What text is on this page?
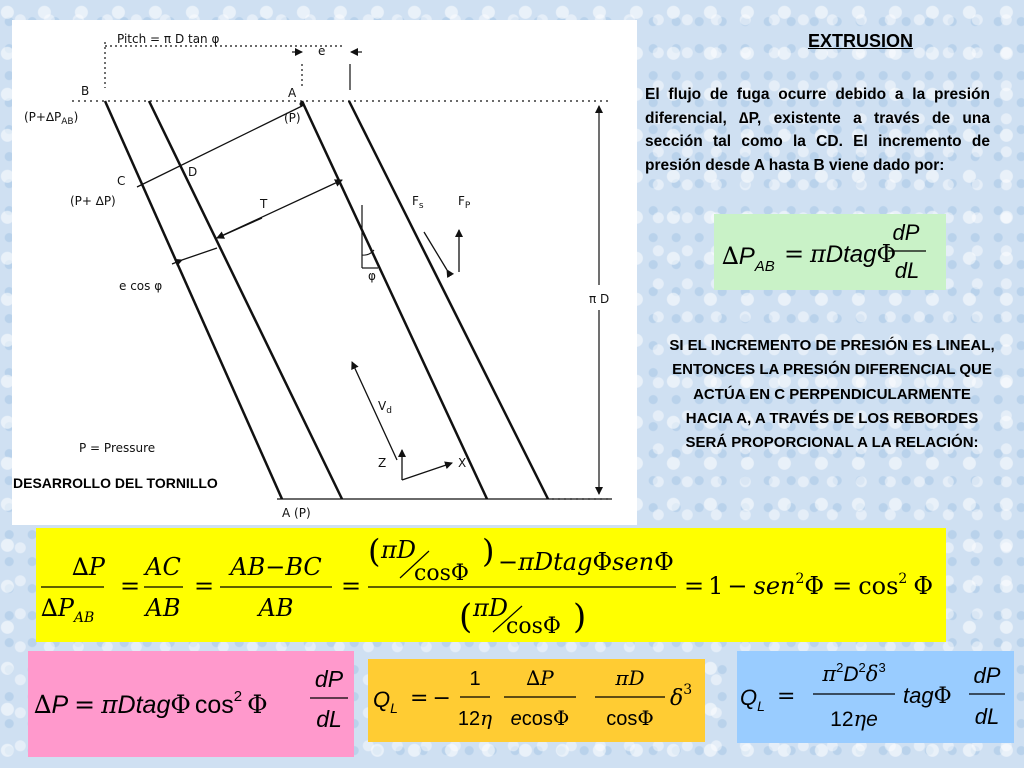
EXTRUSION
Pitch = π D tan φ
e
B	A
$(P+\Delta P_{AB})$	(P)
C
D
(P+ ∆P)	T
e cos φ
$F_s$	$F_P$
φ
π D
$V_d$
Z	X
P = Pressure
A (P)
DESARROLLO DEL TORNILLO
El flujo de fuga ocurre debido a la presión diferencial, ∆P, existente a través de una sección tal como la CD. El incremento de presión desde A hasta B viene dado por:
$\Delta P_{AB}$ = πDtagΦ
dP
dL
SI EL INCREMENTO DE PRESIÓN ES LINEAL, ENTONCES LA PRESIÓN DIFERENCIAL QUE ACTÚA EN C PERPENDICULARMENTE HACIA A, A TRAVÉS DE LOS REBORDES SERÁ PROPORCIONAL A LA RELACIÓN:
∆P
$\Delta P_{AB}$
=
AC
AB
=
AB−BC
AB
=
( πD
cosΦ
) −πDtagΦsenΦ
( πD
cosΦ )
= $1 - sen^2\Phi = \cos^2 \Phi$
∆P = πDtagΦ $\cos^2 \Phi$
dP
dL
$Q_L$ = −
1
12η
∆P
ecosΦ
πD
cosΦ
$\delta^3$ $Q_L$ =
$\pi^2D^2\delta^3$
12ηe
tagΦ
dP
dL
